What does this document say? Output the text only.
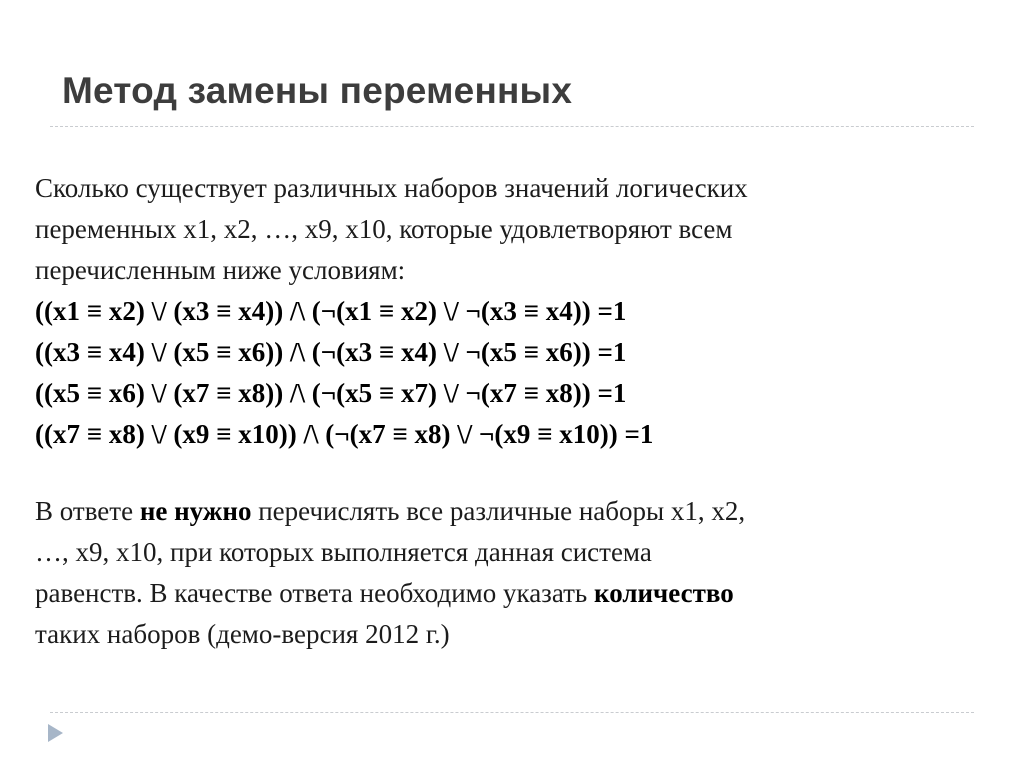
Метод замены переменных

Сколько существует различных наборов значений логических

переменных x1, x2, …, x9, x10, которые удовлетворяют всем

перечисленным ниже условиям:

((x1 ≡ x2) \/ (x3 ≡ x4)) /\ (¬(x1 ≡ x2) \/ ¬(x3 ≡ x4)) =1

((x3 ≡ x4) \/ (x5 ≡ x6)) /\ (¬(x3 ≡ x4) \/ ¬(x5 ≡ x6)) =1

((x5 ≡ x6) \/ (x7 ≡ x8)) /\ (¬(x5 ≡ x7) \/ ¬(x7 ≡ x8)) =1

((x7 ≡ x8) \/ (x9 ≡ x10)) /\ (¬(x7 ≡ x8) \/ ¬(x9 ≡ x10)) =1

В ответе не нужно перечислять все различные наборы x1, x2,

…, x9, x10, при которых выполняется данная система

равенств. В качестве ответа необходимо указать количество

таких наборов (демо-версия 2012 г.)
